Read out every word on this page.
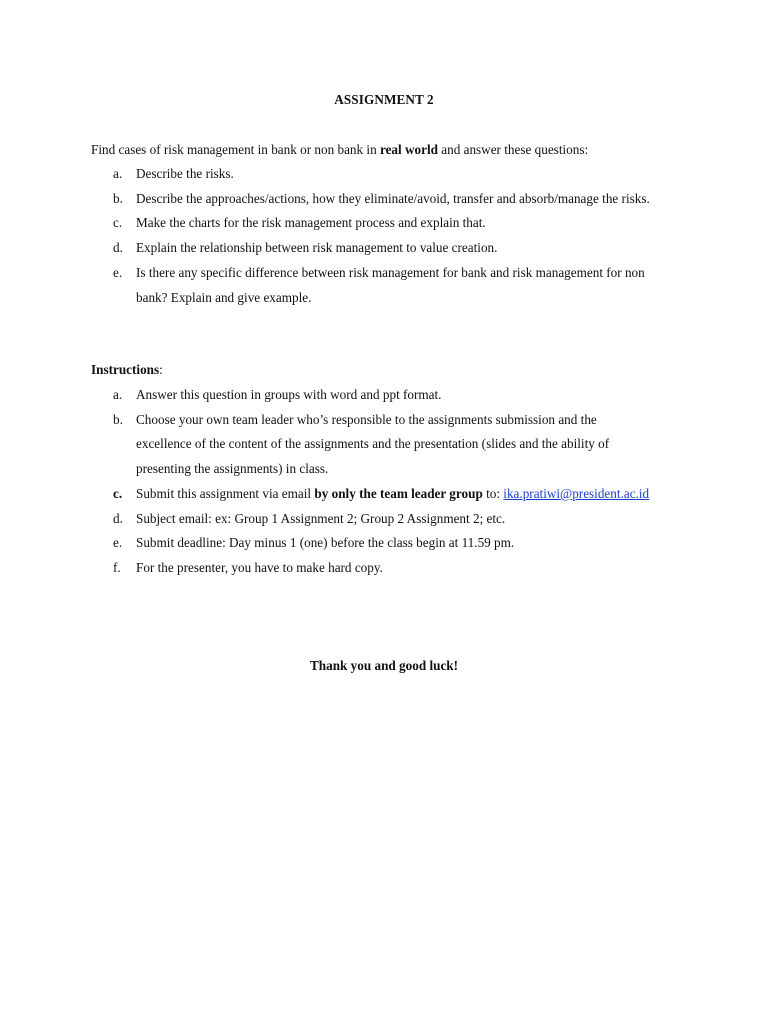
ASSIGNMENT 2
Find cases of risk management in bank or non bank in real world and answer these questions:
a. Describe the risks.
b. Describe the approaches/actions, how they eliminate/avoid, transfer and absorb/manage the risks.
c. Make the charts for the risk management process and explain that.
d. Explain the relationship between risk management to value creation.
e. Is there any specific difference between risk management for bank and risk management for non
bank? Explain and give example.
Instructions:
a. Answer this question in groups with word and ppt format.
b. Choose your own team leader who’s responsible to the assignments submission and the
excellence of the content of the assignments and the presentation (slides and the ability of
presenting the assignments) in class.
c. Submit this assignment via email by only the team leader group to: ika.pratiwi@president.ac.id
d. Subject email: ex: Group 1 Assignment 2; Group 2 Assignment 2; etc.
e. Submit deadline: Day minus 1 (one) before the class begin at 11.59 pm.
f. For the presenter, you have to make hard copy.
Thank you and good luck!
